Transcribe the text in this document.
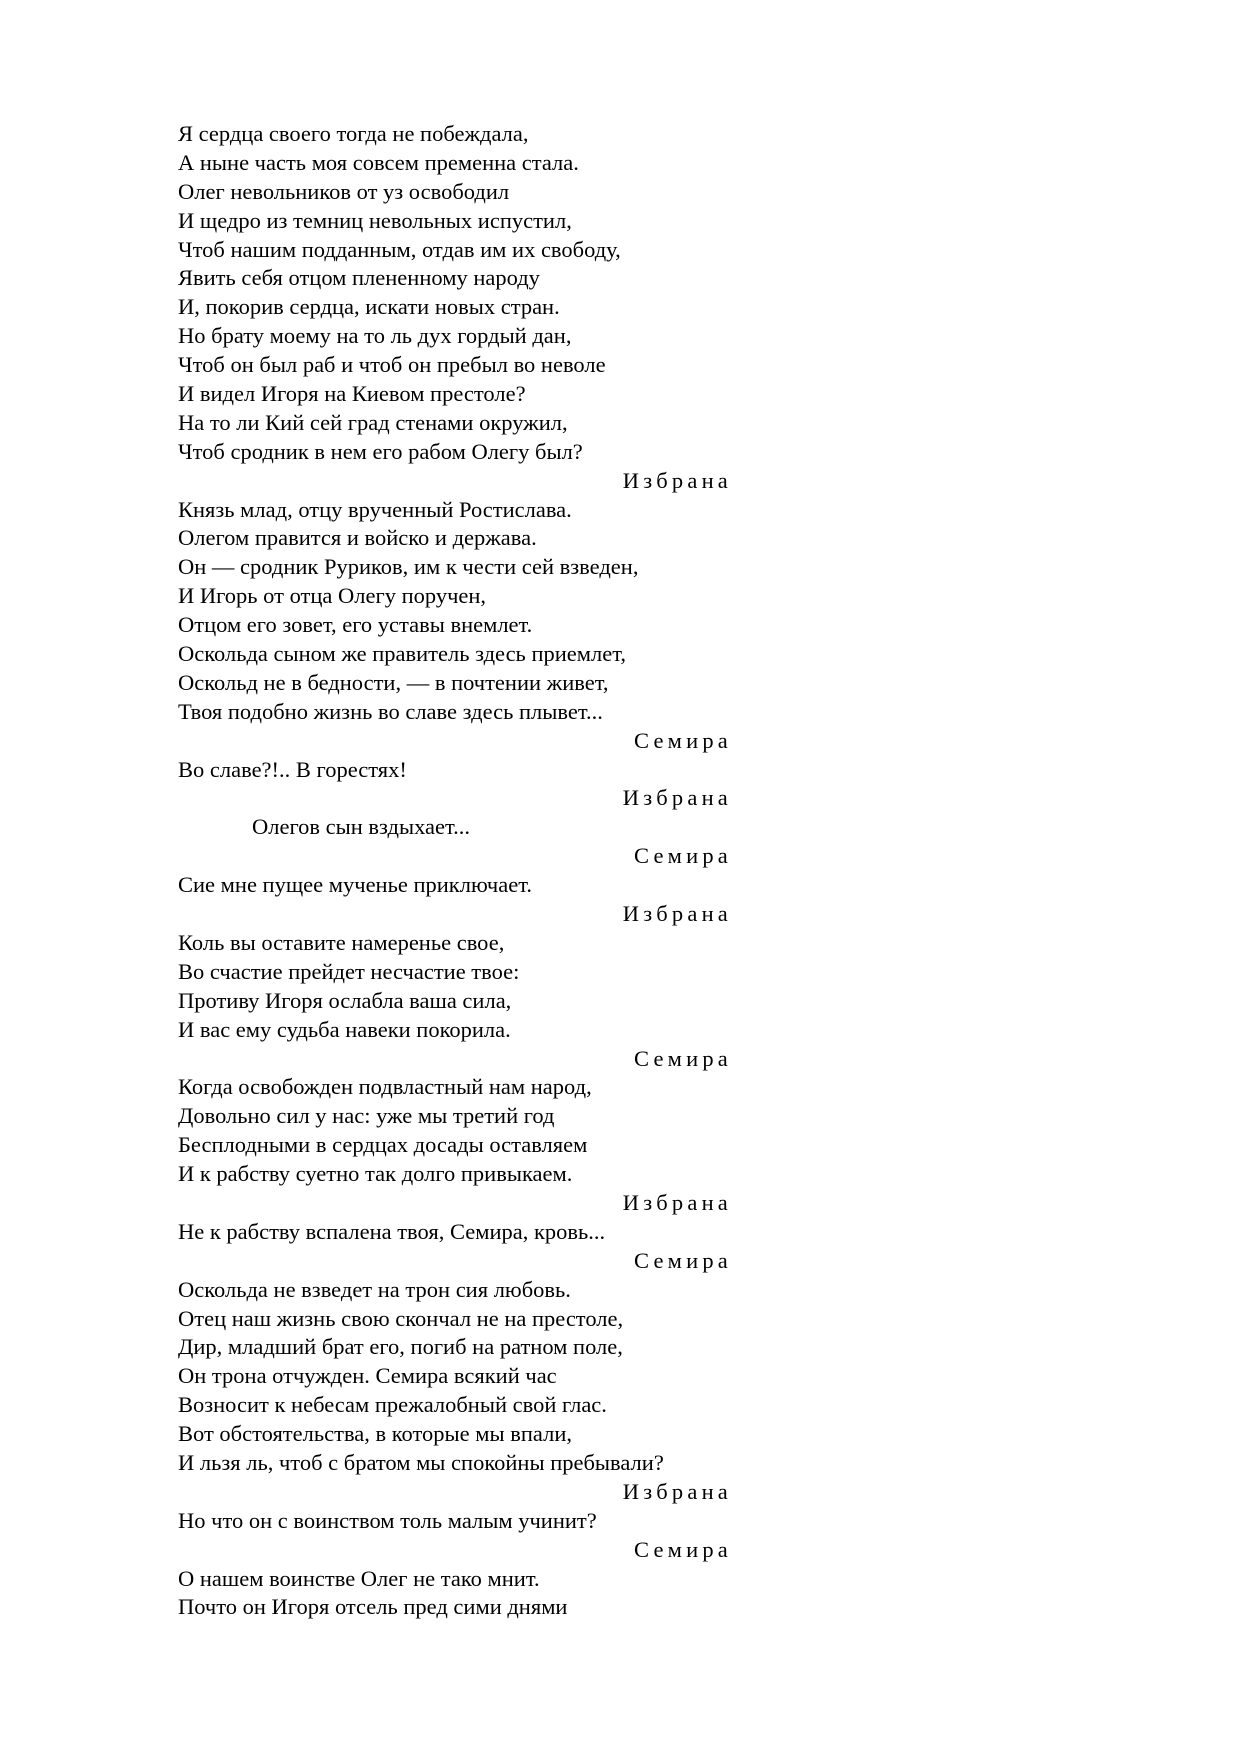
Я сердца своего тогда не побеждала,
А ныне часть моя совсем пременна стала.
Олег невольников от уз освободил
И щедро из темниц невольных испустил,
Чтоб нашим подданным, отдав им их свободу,
Явить себя отцом плененному народу
И, покорив сердца, искати новых стран.
Но брату моему на то ль дух гордый дан,
Чтоб он был раб и чтоб он пребыл во неволе
И видел Игоря на Киевом престоле?
На то ли Кий сей град стенами окружил,
Чтоб сродник в нем его рабом Олегу был?
Избрана
Князь млад, отцу врученный Ростислава.
Олегом правится и войско и держава.
Он — сродник Руриков, им к чести сей взведен,
И Игорь от отца Олегу поручен,
Отцом его зовет, его уставы внемлет.
Оскольда сыном же правитель здесь приемлет,
Оскольд не в бедности, — в почтении живет,
Твоя подобно жизнь во славе здесь плывет...
Семира
Во славе?!.. В горестях!
Избрана
Олегов сын вздыхает...
Семира
Сие мне пущее мученье приключает.
Избрана
Коль вы оставите намеренье свое,
Во счастие прейдет несчастие твое:
Противу Игоря ослабла ваша сила,
И вас ему судьба навеки покорила.
Семира
Когда освобожден подвластный нам народ,
Довольно сил у нас: уже мы третий год
Бесплодными в сердцах досады оставляем
И к рабству суетно так долго привыкаем.
Избрана
Не к рабству вспалена твоя, Семира, кровь...
Семира
Оскольда не взведет на трон сия любовь.
Отец наш жизнь свою скончал не на престоле,
Дир, младший брат его, погиб на ратном поле,
Он трона отчужден. Семира всякий час
Возносит к небесам прежалобный свой глас.
Вот обстоятельства, в которые мы впали,
И льзя ль, чтоб с братом мы спокойны пребывали?
Избрана
Но что он с воинством толь малым учинит?
Семира
О нашем воинстве Олег не тако мнит.
Почто он Игоря отсель пред сими днями
